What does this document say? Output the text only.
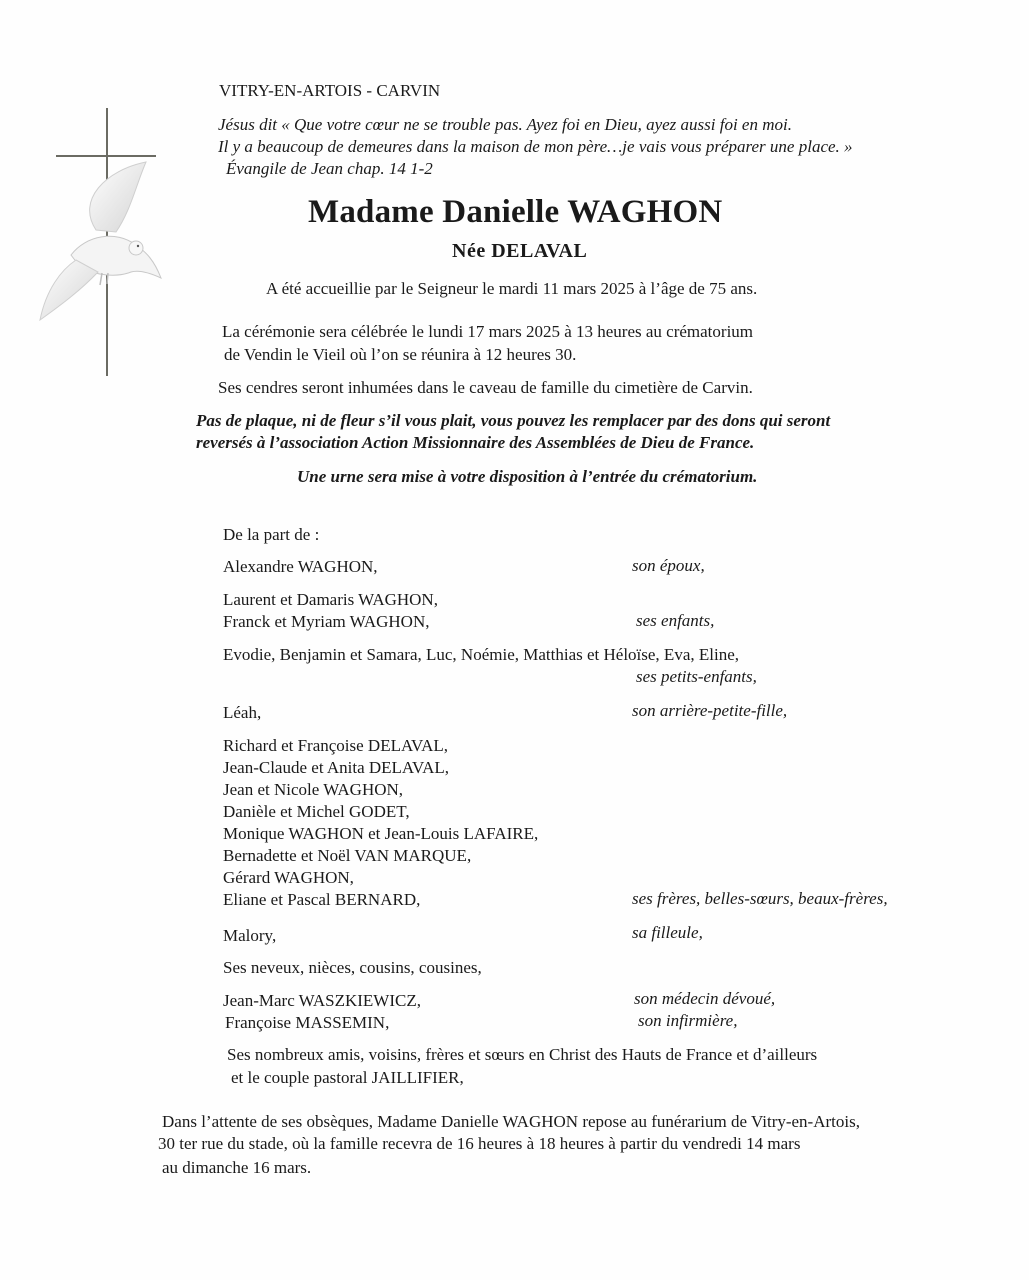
VITRY-EN-ARTOIS - CARVIN
Jésus dit « Que votre cœur ne se trouble pas. Ayez foi en Dieu, ayez aussi foi en moi.
Il y a beaucoup de demeures dans la maison de mon père…je vais vous préparer une place. »
Évangile de Jean chap. 14 1-2
Madame Danielle WAGHON
Née DELAVAL
A été accueillie par le Seigneur le mardi 11 mars 2025 à l’âge de 75 ans.
La cérémonie sera célébrée le lundi 17 mars 2025 à 13 heures au crématorium
de Vendin le Vieil où l’on se réunira à 12 heures 30.
Ses cendres seront inhumées dans le caveau de famille du cimetière de Carvin.
Pas de plaque, ni de fleur s’il vous plait, vous pouvez les remplacer par des dons qui seront
reversés à l’association Action Missionnaire des Assemblées de Dieu de France.
Une urne sera mise à votre disposition à l’entrée du crématorium.
De la part de :
Alexandre WAGHON,	son époux,
Laurent et Damaris WAGHON,
Franck et Myriam WAGHON,	ses enfants,
Evodie, Benjamin et Samara, Luc, Noémie, Matthias et Héloïse, Eva, Eline,
ses petits-enfants,
Léah,	son arrière-petite-fille,
Richard et Françoise DELAVAL,
Jean-Claude et Anita DELAVAL,
Jean et Nicole WAGHON,
Danièle et Michel GODET,
Monique WAGHON et Jean-Louis LAFAIRE,
Bernadette et Noël VAN MARQUE,
Gérard WAGHON,
Eliane et Pascal BERNARD,	ses frères, belles-sœurs, beaux-frères,
Malory,	sa filleule,
Ses neveux, nièces, cousins, cousines,
Jean-Marc WASZKIEWICZ,	son médecin dévoué,
Françoise MASSEMIN,	son infirmière,
Ses nombreux amis, voisins, frères et sœurs en Christ des Hauts de France et d’ailleurs
et le couple pastoral JAILLIFIER,
Dans l’attente de ses obsèques, Madame Danielle WAGHON repose au funérarium de Vitry-en-Artois,
30 ter rue du stade, où la famille recevra de 16 heures à 18 heures à partir du vendredi 14 mars
au dimanche 16 mars.
